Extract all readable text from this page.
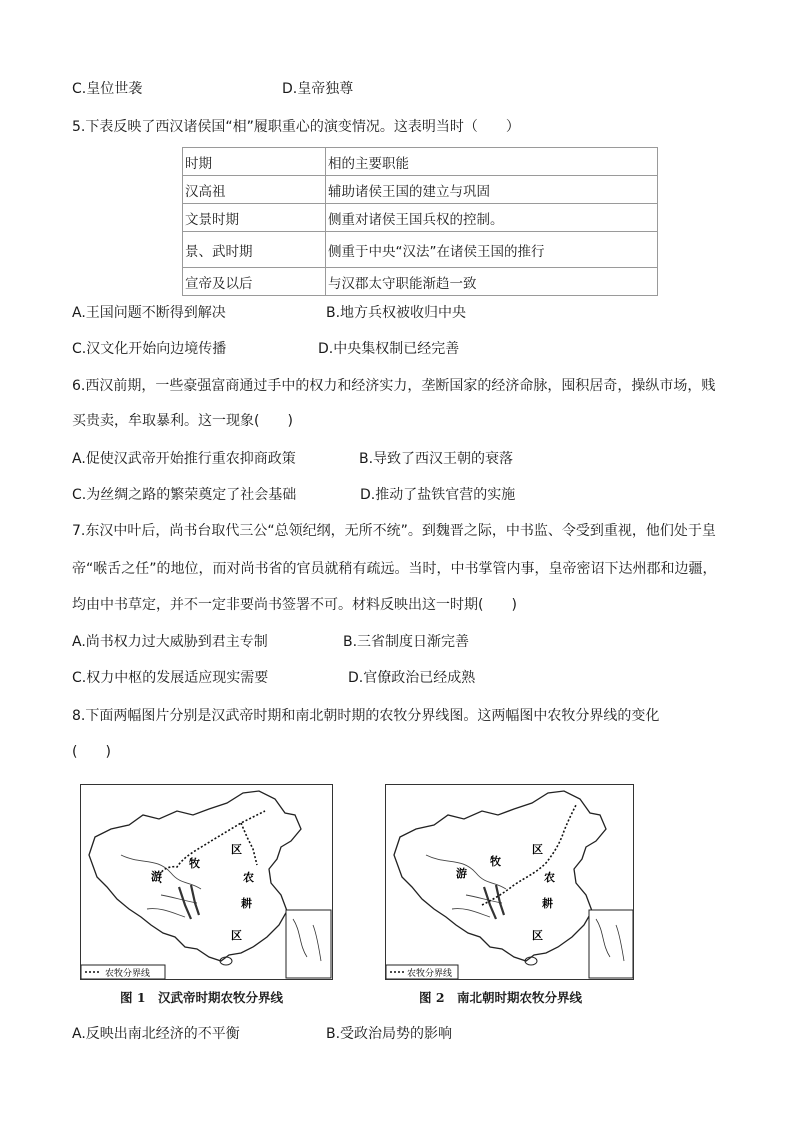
C.皇位世袭	D.皇帝独尊
5.下表反映了西汉诸侯国“相”履职重心的演变情况。这表明当时（　　）
时期	相的主要职能
汉高祖	辅助诸侯王国的建立与巩固
文景时期	侧重对诸侯王国兵权的控制。
景、武时期	侧重于中央“汉法”在诸侯王国的推行
宣帝及以后	与汉郡太守职能渐趋一致
A.王国问题不断得到解决	B.地方兵权被收归中央
C.汉文化开始向边境传播	D.中央集权制已经完善
6.西汉前期，一些豪强富商通过手中的权力和经济实力，垄断国家的经济命脉，囤积居奇，操纵市场，贱
买贵卖，牟取暴利。这一现象(　　)
A.促使汉武帝开始推行重农抑商政策	B.导致了西汉王朝的衰落
C.为丝绸之路的繁荣奠定了社会基础	D.推动了盐铁官营的实施
7.东汉中叶后，尚书台取代三公“总领纪纲，无所不统”。到魏晋之际，中书监、令受到重视，他们处于皇
帝“喉舌之任”的地位，而对尚书省的官员就稍有疏远。当时，中书掌管内事，皇帝密诏下达州郡和边疆，
均由中书草定，并不一定非要尚书签署不可。材料反映出这一时期(　　)
A.尚书权力过大威胁到君主专制	B.三省制度日渐完善
C.权力中枢的发展适应现实需要	D.官僚政治已经成熟
8.下面两幅图片分别是汉武帝时期和南北朝时期的农牧分界线图。这两幅图中农牧分界线的变化
(　　)
游
牧
区
农
耕
区
农牧分界线
图 1　汉武帝时期农牧分界线
游
牧
区
农
耕
区
农牧分界线
图 2　南北朝时期农牧分界线
A.反映出南北经济的不平衡	B.受政治局势的影响
